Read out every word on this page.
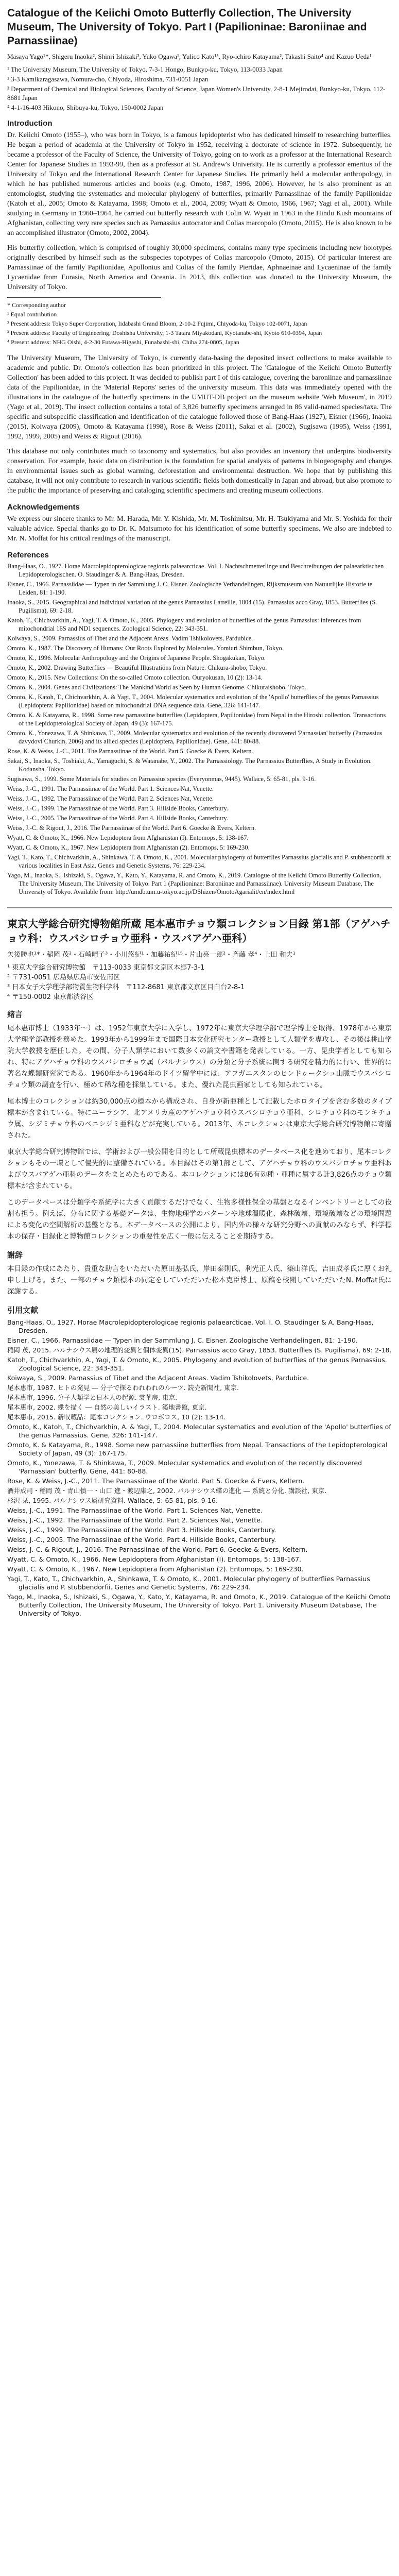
Catalogue of the Keiichi Omoto Butterfly Collection, The University Museum, The University of Tokyo. Part I (Papilioninae: Baroniinae and Parnassiinae)
Masaya Yago¹*, Shigeru Inaoka², Shinri Ishizaki³, Yuko Ogawa¹, Yulico Kato¹⁵, Ryo-ichiro Katayama², Takashi Saito⁴ and Kazuo Ueda¹

¹ The University Museum, The University of Tokyo, 7-3-1 Hongo, Bunkyo-ku, Tokyo, 113-0033 Japan

² 3-3 Kamikaragasawa, Nomura-cho, Chiyoda, Hiroshima, 731-0051 Japan

³ Department of Chemical and Biological Sciences, Faculty of Science, Japan Women's University, 2-8-1 Mejirodai, Bunkyo-ku, Tokyo, 112-8681 Japan

⁴ 4-1-16-403 Hikono, Shibuya-ku, Tokyo, 150-0002 Japan

Introduction

Dr. Keiichi Omoto (1955–), who was born in Tokyo, is a famous lepidopterist who has dedicated himself to researching butterflies. He began a period of academia at the University of Tokyo in 1952, receiving a doctorate of science in 1972. Subsequently, he became a professor of the Faculty of Science, the University of Tokyo, going on to work as a professor at the International Research Center for Japanese Studies in 1993-99, then as a professor at St. Andrew's University. He is currently a professor emeritus of the University of Tokyo and the International Research Center for Japanese Studies. He primarily held a molecular anthropology, in which he has published numerous articles and books (e.g. Omoto, 1987, 1996, 2006). However, he is also prominent as an entomologist, studying the systematics and molecular phylogeny of butterflies, primarily Parnassiinae of the family Papilionidae (Katoh et al., 2005; Omoto & Katayama, 1998; Omoto et al., 2004, 2009; Wyatt & Omoto, 1966, 1967; Yagi et al., 2001). While studying in Germany in 1960–1964, he carried out butterfly research with Colin W. Wyatt in 1963 in the Hindu Kush mountains of Afghanistan, collecting very rare species such as Parnassius autocrator and Colias marcopolo (Omoto, 2015). He is also known to be an accomplished illustrator (Omoto, 2002, 2004).

His butterfly collection, which is comprised of roughly 30,000 specimens, contains many type specimens including new holotypes originally described by himself such as the subspecies topotypes of Colias marcopolo (Omoto, 2015). Of particular interest are Parnassiinae of the family Papilionidae, Apollonius and Colias of the family Pieridae, Aphnaeinae and Lycaeninae of the family Lycaenidae from Eurasia, North America and Oceania. In 2013, this collection was donated to the University Museum, the University of Tokyo.

* Corresponding author

¹ Equal contribution

² Present address: Tokyo Super Corporation, Iidabashi Grand Bloom, 2-10-2 Fujimi, Chiyoda-ku, Tokyo 102-0071, Japan

³ Present address: Faculty of Engineering, Doshisha University, 1-3 Tatara Miyakodani, Kyotanabe-shi, Kyoto 610-0394, Japan

⁴ Present address: NHG Oishi, 4-2-30 Futawa-Higashi, Funabashi-shi, Chiba 274-0805, Japan

The University Museum, The University of Tokyo, is currently data-basing the deposited insect collections to make available to academic and public. Dr. Omoto's collection has been prioritized in this project. The 'Catalogue of the Keiichi Omoto Butterfly Collection' has been added to this project. It was decided to publish part I of this catalogue, covering the baroniinae and parnassiinae data of the Papilionidae, in the 'Material Reports' series of the university museum. This data was immediately opened with the illustrations in the catalogue of the butterfly specimens in the UMUT-DB project on the museum website 'Web Museum', in 2019 (Yago et al., 2019). The insect collection contains a total of 3,826 butterfly specimens arranged in 86 valid-named species/taxa. The specific and subspecific classification and identification of the catalogue followed those of Bang-Haas (1927), Eisner (1966), Inaoka (2015), Koiwaya (2009), Omoto & Katayama (1998), Rose & Weiss (2011), Sakai et al. (2002), Sugisawa (1995), Weiss (1991, 1992, 1999, 2005) and Weiss & Rigout (2016).

This database not only contributes much to taxonomy and systematics, but also provides an inventory that underpins biodiversity conservation. For example, basic data on distribution is the foundation for spatial analysis of patterns in biogeography and changes in environmental issues such as global warming, deforestation and environmental destruction. We hope that by publishing this database, it will not only contribute to research in various scientific fields both domestically in Japan and abroad, but also promote to the public the importance of preserving and cataloging scientific specimens and creating museum collections.

Acknowledgements

We express our sincere thanks to Mr. M. Harada, Mr. Y. Kishida, Mr. M. Toshimitsu, Mr. H. Tsukiyama and Mr. S. Yoshida for their valuable advice. Special thanks go to Dr. K. Matsumoto for his identification of some butterfly specimens. We also are indebted to Mr. N. Moffat for his critical readings of the manuscript.

References

Bang-Haas, O., 1927. Horae Macrolepidopterologicae regionis palaearcticae. Vol. I. Nachtschmetterlinge und Beschreibungen der palaearktischen Lepidopterologischen. O. Staudinger & A. Bang-Haas, Dresden.

Eisner, C., 1966. Parnassiidae — Typen in der Sammlung J. C. Eisner. Zoologische Verhandelingen, Rijksmuseum van Natuurlijke Historie te Leiden, 81: 1-190.

Inaoka, S., 2015. Geographical and individual variation of the genus Parnassius Latreille, 1804 (15). Parnassius acco Gray, 1853. Butterflies (S. Pugilisma), 69: 2-18.

Katoh, T., Chichvarkhin, A., Yagi, T. & Omoto, K., 2005. Phylogeny and evolution of butterflies of the genus Parnassius: inferences from mitochondrial 16S and ND1 sequences. Zoological Science, 22: 343-351.

Koiwaya, S., 2009. Parnassius of Tibet and the Adjacent Areas. Vadim Tshikolovets, Pardubice.

Omoto, K., 1987. The Discovery of Humans: Our Roots Explored by Molecules. Yomiuri Shimbun, Tokyo.

Omoto, K., 1996. Molecular Anthropology and the Origins of Japanese People. Shogakukan, Tokyo.

Omoto, K., 2002. Drawing Butterflies — Beautiful Illustrations from Nature. Chikura-shobo, Tokyo.

Omoto, K., 2015. New Collections: On the so-called Omoto collection. Ouryokusan, 10 (2): 13-14.

Omoto, K., 2004. Genes and Civilizations: The Mankind World as Seen by Human Genome. Chikuraishobo, Tokyo.

Omoto, K., Katoh, T., Chichvarkhin, A. & Yagi, T., 2004. Molecular systematics and evolution of the 'Apollo' butterflies of the genus Parnassius (Lepidoptera: Papilionidae) based on mitochondrial DNA sequence data. Gene, 326: 141-147.

Omoto, K. & Katayama, R., 1998. Some new parnassiine butterflies (Lepidoptera, Papilionidae) from Nepal in the Hiroshi collection. Transactions of the Lepidopterological Society of Japan, 49 (3): 167-175.

Omoto, K., Yonezawa, T. & Shinkawa, T., 2009. Molecular systematics and evolution of the recently discovered 'Parnassian' butterfly (Parnassius davydovi Churkin, 2006) and its allied species (Lepidoptera, Papilionidae). Gene, 441: 80-88.

Rose, K. & Weiss, J.-C., 2011. The Parnassiinae of the World. Part 5. Goecke & Evers, Keltern.

Sakai, S., Inaoka, S., Toshiaki, A., Yamaguchi, S. & Watanabe, Y., 2002. The Parnassiology. The Parnassius Butterflies, A Study in Evolution. Kodansha, Tokyo.

Sugisawa, S., 1999. Some Materials for studies on Parnassius species (Everyonmas, 9445). Wallace, 5: 65-81, pls. 9-16.

Weiss, J.-C., 1991. The Parnassiinae of the World. Part 1. Sciences Nat, Venette.

Weiss, J.-C., 1992. The Parnassiinae of the World. Part 2. Sciences Nat, Venette.

Weiss, J.-C., 1999. The Parnassiinae of the World. Part 3. Hillside Books, Canterbury.

Weiss, J.-C., 2005. The Parnassiinae of the World. Part 4. Hillside Books, Canterbury.

Weiss, J.-C. & Rigout, J., 2016. The Parnassiinae of the World. Part 6. Goecke & Evers, Keltern.

Wyatt, C. & Omoto, K., 1966. New Lepidoptera from Afghanistan (I). Entomops, 5: 138-167.

Wyatt, C. & Omoto, K., 1967. New Lepidoptera from Afghanistan (2). Entomops, 5: 169-230.

Yagi, T., Kato, T., Chichvarkhin, A., Shinkawa, T. & Omoto, K., 2001. Molecular phylogeny of butterflies Parnassius glacialis and P. stubbendorfii at various localities in East Asia. Genes and Genetic Systems, 76: 229-234.

Yago, M., Inaoka, S., Ishizaki, S., Ogawa, Y., Kato, Y., Katayama, R. and Omoto, K., 2019. Catalogue of the Keiichi Omoto Butterfly Collection, The University Museum, The University of Tokyo. Part 1 (Papilioninae: Baroniinae and Parnassiinae). University Museum Database, The University of Tokyo. Available from: http://umdb.um.u-tokyo.ac.jp/DShizen/OmotoAgarialit/en/index.html

東京大学総合研究博物館所蔵 尾本惠市チョウ類コレクション目録 第1部（アゲハチョウ科：ウスバシロチョウ亜科・ウスバアゲハ亜科）
矢後勝也¹*・稲岡 茂²・石崎晴子³・小川悠紀¹・加藤祐紀¹⁵・片山亮一郎²・斉藤 孝⁴・上田 和夫¹

¹ 東京大学総合研究博物館　〒113-0033 東京都文京区本郷7-3-1

² 〒731-0051 広島県広島市安佐南区

³ 日本女子大学理学部物質生物科学科　〒112-8681 東京都文京区目白台2-8-1

⁴ 〒150-0002 東京都渋谷区

緒言

尾本惠市博士（1933年～）は、1952年東京大学に入学し、1972年に東京大学理学部で理学博士を取得、1978年から東京大学理学部教授を務めた。1993年から1999年まで国際日本文化研究センター教授として人類学を専攻し、その後は桃山学院大学教授を歴任した。その間、分子人類学において数多くの論文や書籍を発表している。一方、昆虫学者としても知られ、特にアゲハチョウ科のウスバシロチョウ属（パルナシウス）の分類と分子系統に関する研究を精力的に行い、世界的に著名な蝶類研究家である。1960年から1964年のドイツ留学中には、アフガニスタンのヒンドゥークシュ山脈でウスバシロチョウ類の調査を行い、極めて稀な種を採集している。また、優れた昆虫画家としても知られている。

尾本博士のコレクションは約30,000点の標本から構成され、自身が新亜種として記載したホロタイプを含む多数のタイプ標本が含まれている。特にユーラシア、北アメリカ産のアゲハチョウ科ウスバシロチョウ亜科、シロチョウ科のモンキチョウ属、シジミチョウ科のベニシジミ亜科などが充実している。2013年、本コレクションは東京大学総合研究博物館に寄贈された。

東京大学総合研究博物館では、学術および一般公開を目的として所蔵昆虫標本のデータベース化を進めており、尾本コレクションもその一環として優先的に整備されている。本目録はその第1部として、アゲハチョウ科のウスバシロチョウ亜科およびウスバアゲハ亜科のデータをまとめたものである。本コレクションには86有効種・亜種に属する計3,826点のチョウ類標本が含まれている。

このデータベースは分類学や系統学に大きく貢献するだけでなく、生物多様性保全の基盤となるインベントリーとしての役割も担う。例えば、分布に関する基礎データは、生物地理学のパターンや地球温暖化、森林破壊、環境破壊などの環境問題による変化の空間解析の基盤となる。本データベースの公開により、国内外の様々な研究分野への貢献のみならず、科学標本の保存・目録化と博物館コレクションの重要性を広く一般に伝えることを期待する。

謝辞

本目録の作成にあたり、貴重な助言をいただいた原田基弘氏、岸田泰則氏、利光正人氏、築山洋氏、吉田成孝氏に厚くお礼申し上げる。また、一部のチョウ類標本の同定をしていただいた松本克臣博士、原稿を校閲していただいたN. Moffat氏に深謝する。

引用文献

Bang-Haas, O., 1927. Horae Macrolepidopterologicae regionis palaearcticae. Vol. I. O. Staudinger & A. Bang-Haas, Dresden.

Eisner, C., 1966. Parnassiidae — Typen in der Sammlung J. C. Eisner. Zoologische Verhandelingen, 81: 1-190.

稲岡 茂, 2015. パルナシウス属の地理的変異と個体変異(15). Parnassius acco Gray, 1853. Butterflies (S. Pugilisma), 69: 2-18.

Katoh, T., Chichvarkhin, A., Yagi, T. & Omoto, K., 2005. Phylogeny and evolution of butterflies of the genus Parnassius. Zoological Science, 22: 343-351.

Koiwaya, S., 2009. Parnassius of Tibet and the Adjacent Areas. Vadim Tshikolovets, Pardubice.

尾本惠市, 1987. ヒトの発見 ― 分子で探るわれわれのルーツ. 読売新聞社, 東京.

尾本惠市, 1996. 分子人類学と日本人の起源. 裳華房, 東京.

尾本惠市, 2002. 蝶を描く ― 自然の美しいイラスト. 築地書館, 東京.

尾本惠市, 2015. 新収蔵品：尾本コレクション. ウロボロス, 10 (2): 13-14.

Omoto, K., Katoh, T., Chichvarkhin, A. & Yagi, T., 2004. Molecular systematics and evolution of the 'Apollo' butterflies of the genus Parnassius. Gene, 326: 141-147.

Omoto, K. & Katayama, R., 1998. Some new parnassiine butterflies from Nepal. Transactions of the Lepidopterological Society of Japan, 49 (3): 167-175.

Omoto, K., Yonezawa, T. & Shinkawa, T., 2009. Molecular systematics and evolution of the recently discovered 'Parnassian' butterfly. Gene, 441: 80-88.

Rose, K. & Weiss, J.-C., 2011. The Parnassiinae of the World. Part 5. Goecke & Evers, Keltern.

酒井成司・稲岡 茂・青山慎一・山口 進・渡辺康之, 2002. パルナシウス蝶の進化 ― 系統と分化. 講談社, 東京.

杉沢 栞, 1995. パルナシウス属研究資料. Wallace, 5: 65-81, pls. 9-16.

Weiss, J.-C., 1991. The Parnassiinae of the World. Part 1. Sciences Nat, Venette.

Weiss, J.-C., 1992. The Parnassiinae of the World. Part 2. Sciences Nat, Venette.

Weiss, J.-C., 1999. The Parnassiinae of the World. Part 3. Hillside Books, Canterbury.

Weiss, J.-C., 2005. The Parnassiinae of the World. Part 4. Hillside Books, Canterbury.

Weiss, J.-C. & Rigout, J., 2016. The Parnassiinae of the World. Part 6. Goecke & Evers, Keltern.

Wyatt, C. & Omoto, K., 1966. New Lepidoptera from Afghanistan (I). Entomops, 5: 138-167.

Wyatt, C. & Omoto, K., 1967. New Lepidoptera from Afghanistan (2). Entomops, 5: 169-230.

Yagi, T., Kato, T., Chichvarkhin, A., Shinkawa, T. & Omoto, K., 2001. Molecular phylogeny of butterflies Parnassius glacialis and P. stubbendorfii. Genes and Genetic Systems, 76: 229-234.

Yago, M., Inaoka, S., Ishizaki, S., Ogawa, Y., Kato, Y., Katayama, R. and Omoto, K., 2019. Catalogue of the Keiichi Omoto Butterfly Collection, The University Museum, The University of Tokyo. Part 1. University Museum Database, The University of Tokyo.
